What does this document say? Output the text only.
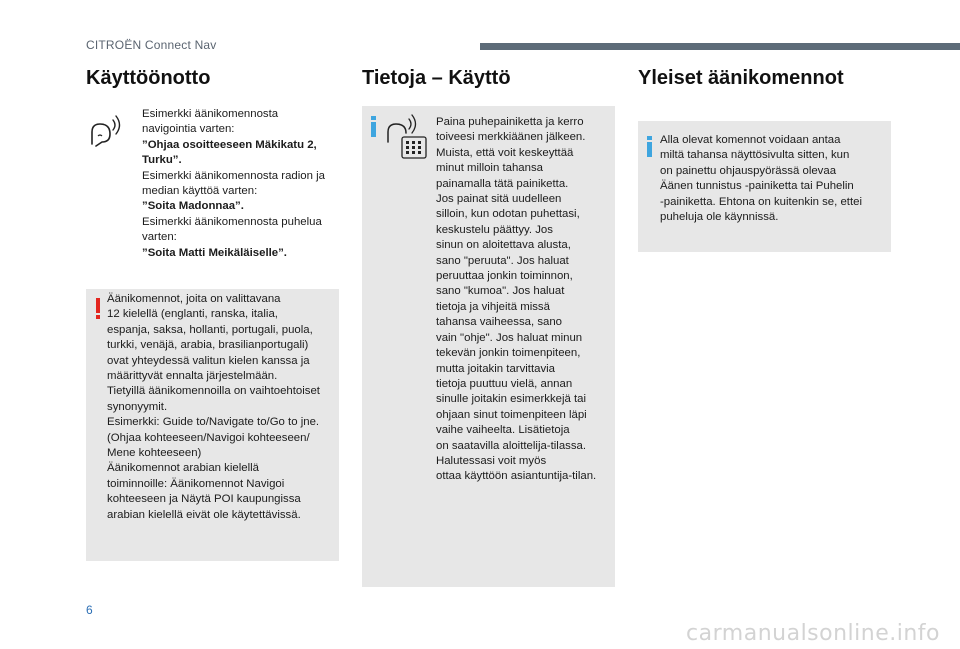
CITROËN Connect Nav
Käyttöönotto

Esimerkki äänikomennosta

navigointia varten:

”Ohjaa osoitteeseen Mäkikatu 2,

Turku”.

Esimerkki äänikomennosta radion ja

median käyttöä varten:

”Soita Madonnaa”.

Esimerkki äänikomennosta puhelua

varten:

”Soita Matti Meikäläiselle”.

Äänikomennot, joita on valittavana

12 kielellä (englanti, ranska, italia,

espanja, saksa, hollanti, portugali, puola,

turkki, venäjä, arabia, brasilianportugali)

ovat yhteydessä valitun kielen kanssa ja

määrittyvät ennalta järjestelmään.

Tietyillä äänikomennoilla on vaihtoehtoiset

synonyymit.

Esimerkki: Guide to/Navigate to/Go to jne.

(Ohjaa kohteeseen/Navigoi kohteeseen/

Mene kohteeseen)

Äänikomennot arabian kielellä

toiminnoille: Äänikomennot Navigoi

kohteeseen ja Näytä POI kaupungissa

arabian kielellä eivät ole käytettävissä.

Tietoja – Käyttö

Paina puhepainiketta ja kerro

toiveesi merkkiäänen jälkeen.

Muista, että voit keskeyttää

minut milloin tahansa

painamalla tätä painiketta.

Jos painat sitä uudelleen

silloin, kun odotan puhettasi,

keskustelu päättyy. Jos

sinun on aloitettava alusta,

sano "peruuta". Jos haluat

peruuttaa jonkin toiminnon,

sano "kumoa". Jos haluat

tietoja ja vihjeitä missä

tahansa vaiheessa, sano

vain "ohje". Jos haluat minun

tekevän jonkin toimenpiteen,

mutta joitakin tarvittavia

tietoja puuttuu vielä, annan

sinulle joitakin esimerkkejä tai

ohjaan sinut toimenpiteen läpi

vaihe vaiheelta. Lisätietoja

on saatavilla aloittelija-tilassa.

Halutessasi voit myös

ottaa käyttöön asiantuntija-tilan.

Yleiset äänikomennot

Alla olevat komennot voidaan antaa

miltä tahansa näyttösivulta sitten, kun

on painettu ohjauspyörässä olevaa

Äänen tunnistus -painiketta tai Puhelin

-painiketta. Ehtona on kuitenkin se, ettei

puheluja ole käynnissä.

6
carmanualsonline.info
